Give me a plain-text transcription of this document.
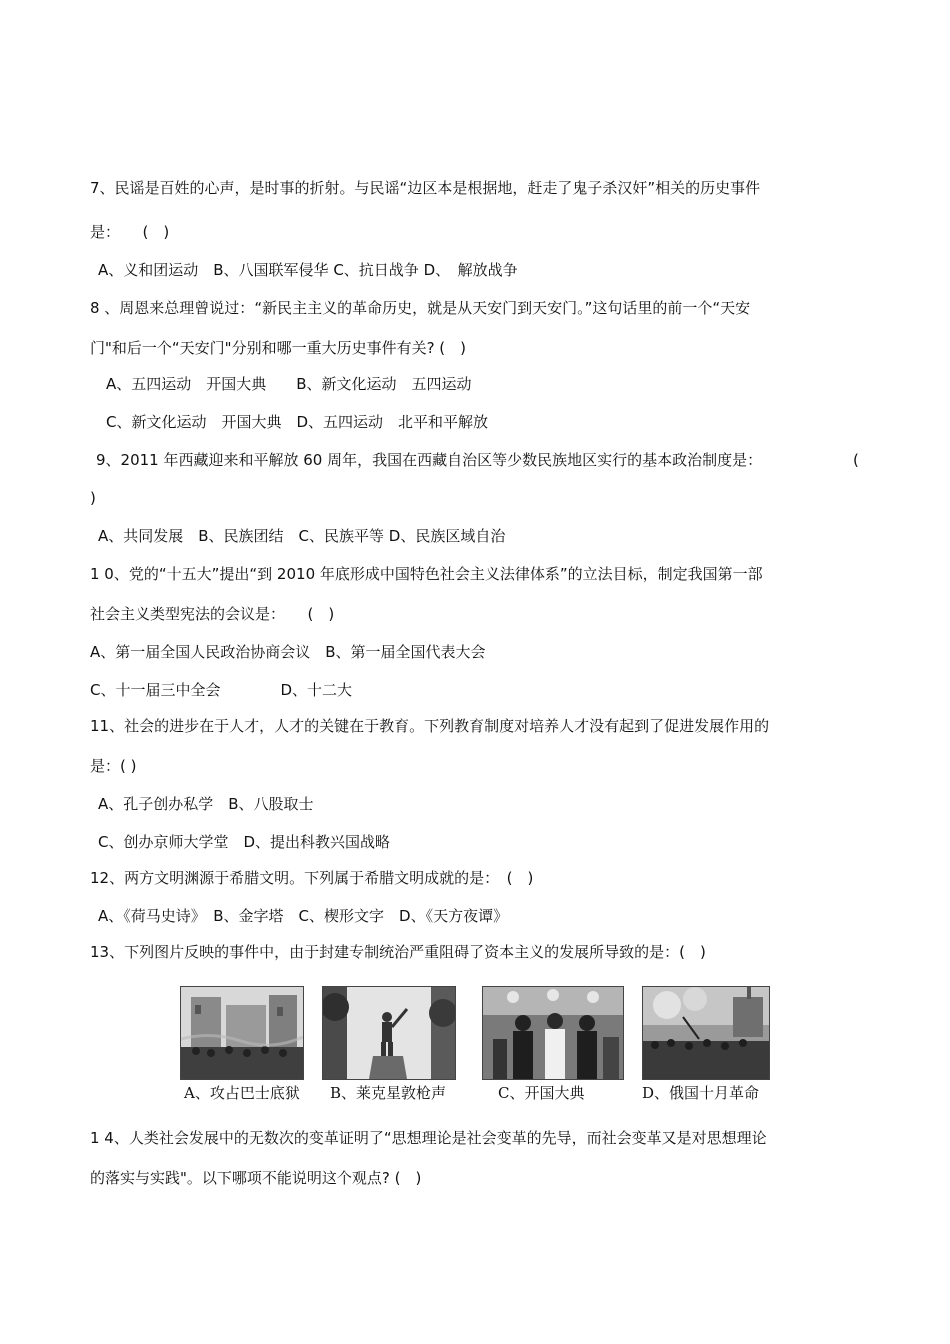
7、民谣是百姓的心声，是时事的折射。与民谣“边区本是根据地，赶走了鬼子杀汉奸”相关的历史事件
是：　　(　)
A、义和团运动　B、八国联军侵华 C、抗日战争 D、　解放战争
8 、周恩来总理曾说过：“新民主主义的革命历史，就是从天安门到天安门。”这句话里的前一个“天安
门"和后一个“天安门"分别和哪一重大历史事件有关? (　)
A、五四运动　开国大典　　B、新文化运动　五四运动
C、新文化运动　开国大典　D、五四运动　北平和平解放
9、2011 年西藏迎来和平解放 60 周年，我国在西藏自治区等少数民族地区实行的基本政治制度是：	(
)
A、共同发展　B、民族团结　C、民族平等 D、民族区域自治
1 0、党的“十五大”提出“到 2010 年底形成中国特色社会主义法律体系”的立法目标，制定我国第一部
社会主义类型宪法的会议是：　　(　)
A、第一届全国人民政治协商会议　B、第一届全国代表大会
C、十一届三中全会　　　　D、十二大
11、社会的进步在于人才，人才的关键在于教育。下列教育制度对培养人才没有起到了促进发展作用的
是：( )
A、孔子创办私学　B、八股取士
C、创办京师大学堂　D、提出科教兴国战略
12、两方文明渊源于希腊文明。下列属于希腊文明成就的是：　(　)
A、《荷马史诗》　B、金字塔　C、楔形文字　D、《天方夜谭》
13、下列图片反映的事件中，由于封建专制统治严重阻碍了资本主义的发展所导致的是：(　)
A、攻占巴士底狱 B、莱克星敦枪声	C、开国大典	D、俄国十月革命
1 4、人类社会发展中的无数次的变革证明了“思想理论是社会变革的先导，而社会变革又是对思想理论
的落实与实践"。以下哪项不能说明这个观点? (　)
